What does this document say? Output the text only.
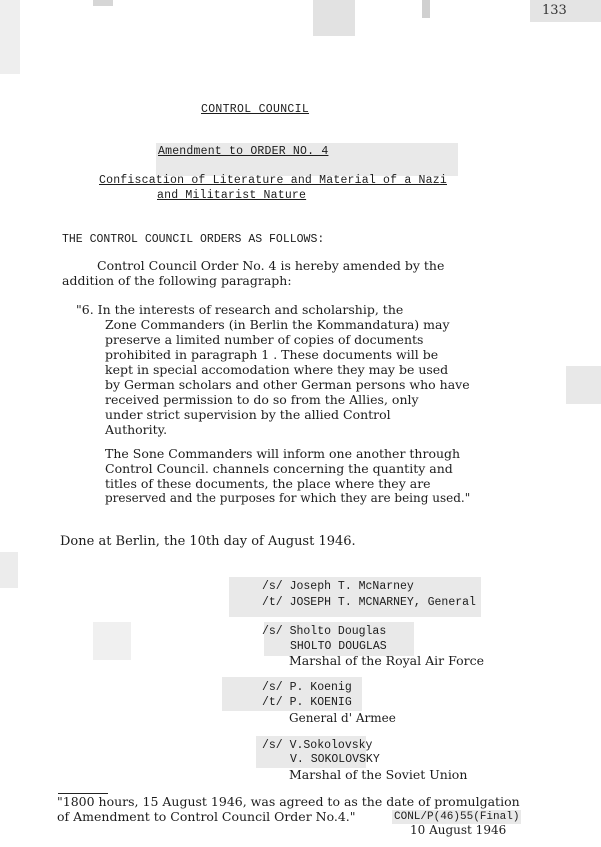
133
CONTROL COUNCIL
Amendment to ORDER NO. 4
Confiscation of Literature and Material of a Nazi
and Militarist Nature
THE CONTROL COUNCIL ORDERS AS FOLLOWS:
Control Council Order No. 4 is hereby amended by the
addition of the following paragraph:
"6. In the interests of research and scholarship, the
Zone Commanders (in Berlin the Kommandatura) may
preserve a limited number of copies of documents
prohibited in paragraph 1 . These documents will be
kept in special accomodation where they may be used
by German scholars and other German persons who have
received permission to do so from the Allies, only
under strict supervision by the allied Control
Authority.
The Sone Commanders will inform one another through
Control Council. channels concerning the quantity and
titles of these documents, the place where they are
preserved and the purposes for which they are being used."
Done at Berlin, the 10th day of August 1946.
/s/ Joseph T. McNarney
/t/ JOSEPH T. MCNARNEY, General
/s/ Sholto Douglas
SHOLTO DOUGLAS
Marshal of the Royal Air Force
/s/ P. Koenig
/t/ P. KOENIG
General d' Armee
/s/ V.Sokolovsky
V. SOKOLOVSKY
Marshal of the Soviet Union
"1800 hours, 15 August 1946, was agreed to as the date of promulgation
of Amendment to Control Council Order No.4."	CONL/P(46)55(Final)
10 August 1946
